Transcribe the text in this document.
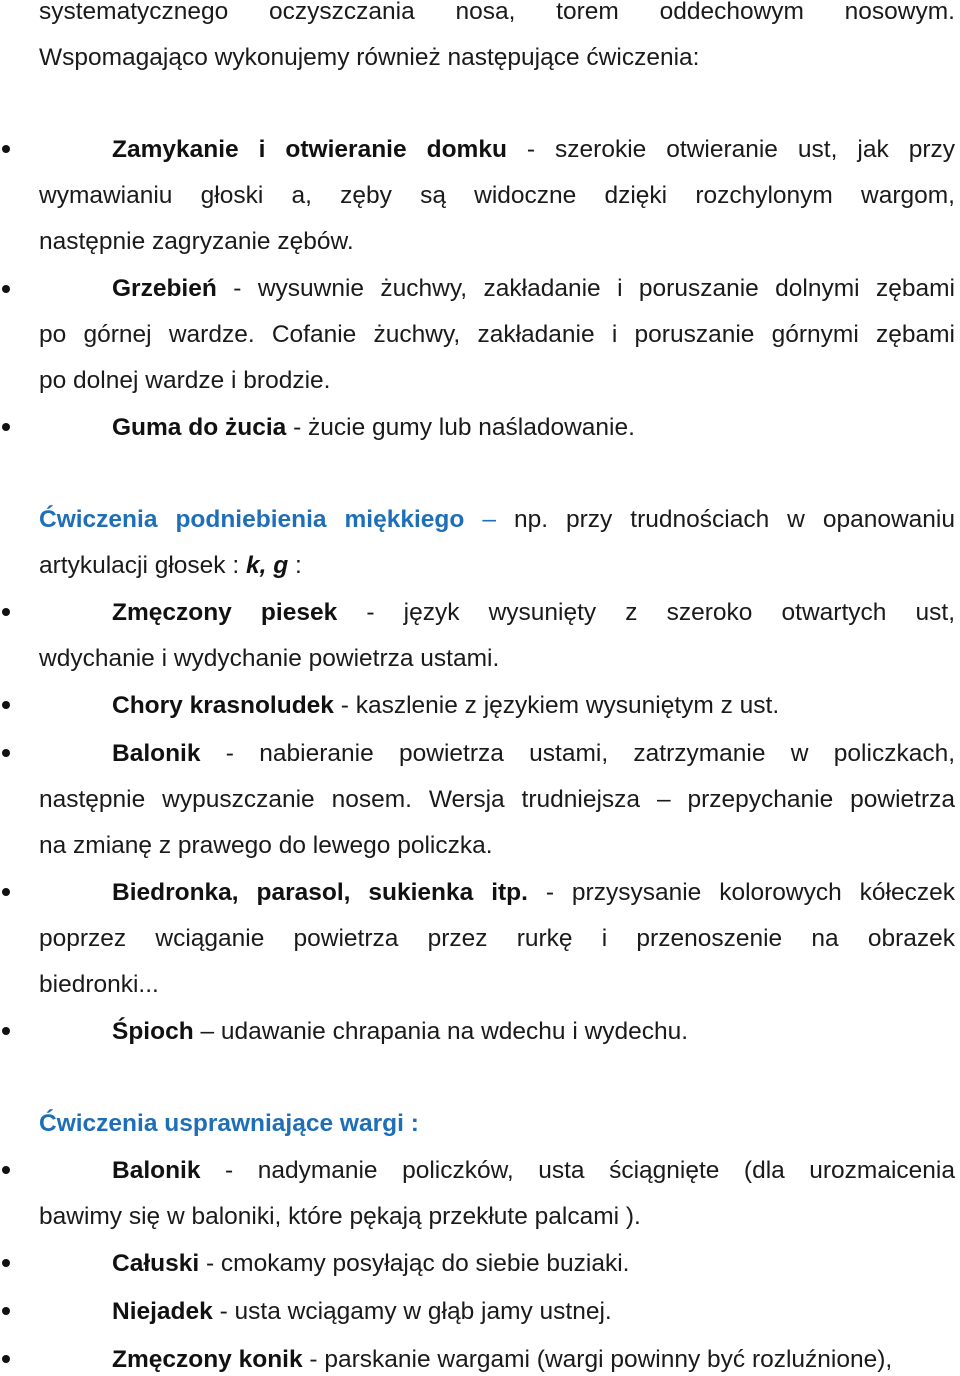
systematycznego oczyszczania nosa, torem oddechowym nosowym.
Wspomagająco wykonujemy również następujące ćwiczenia:
Zamykanie i otwieranie domku - szerokie otwieranie ust, jak przy
wymawianiu głoski a, zęby są widoczne dzięki rozchylonym wargom,
następnie zagryzanie zębów.
Grzebień - wysuwnie żuchwy, zakładanie i poruszanie dolnymi zębami
po górnej wardze. Cofanie żuchwy, zakładanie i poruszanie górnymi zębami
po dolnej wardze i brodzie.
Guma do żucia - żucie gumy lub naśladowanie.
Ćwiczenia podniebienia miękkiego – np. przy trudnościach w opanowaniu
artykulacji głosek : k, g :
Zmęczony piesek - język wysunięty z szeroko otwartych ust,
wdychanie i wydychanie powietrza ustami.
Chory krasnoludek - kaszlenie z językiem wysuniętym z ust.
Balonik - nabieranie powietrza ustami, zatrzymanie w policzkach,
następnie wypuszczanie nosem. Wersja trudniejsza – przepychanie powietrza
na zmianę z prawego do lewego policzka.
Biedronka, parasol, sukienka itp. - przysysanie kolorowych kółeczek
poprzez wciąganie powietrza przez rurkę i przenoszenie na obrazek
biedronki...
Śpioch – udawanie chrapania na wdechu i wydechu.
Ćwiczenia usprawniające wargi :
Balonik - nadymanie policzków, usta ściągnięte (dla urozmaicenia
bawimy się w baloniki, które pękają przekłute palcami ).
Całuski - cmokamy posyłając do siebie buziaki.
Niejadek - usta wciągamy w głąb jamy ustnej.
Zmęczony konik - parskanie wargami (wargi powinny być rozluźnione),
